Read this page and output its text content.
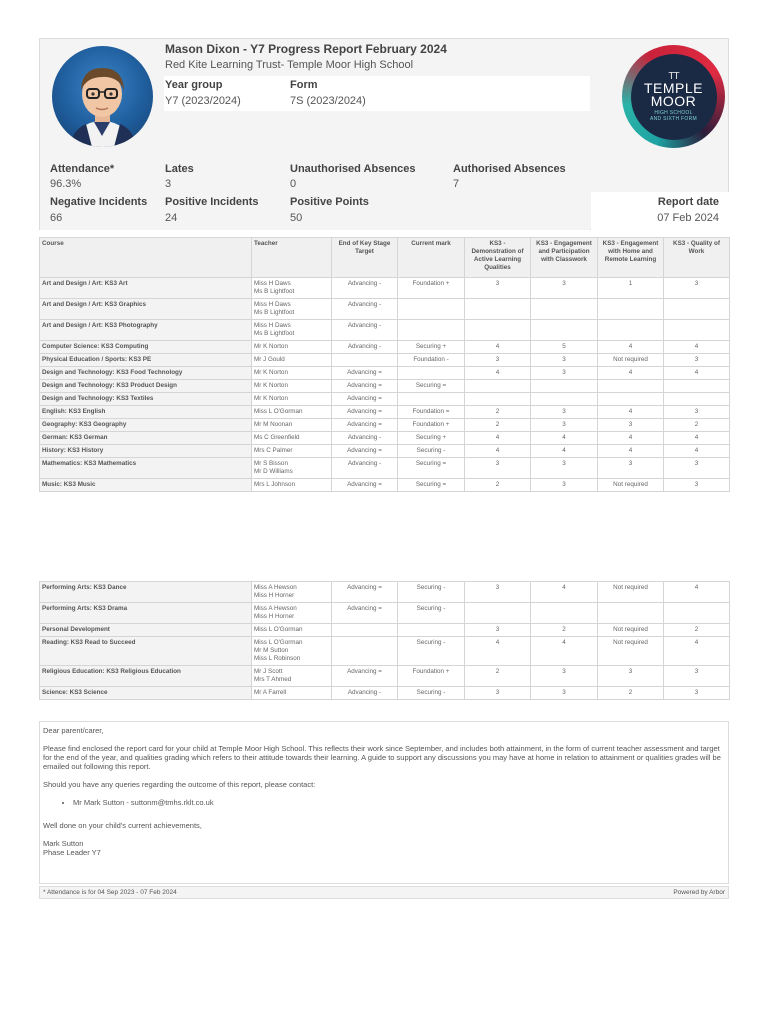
Mason Dixon - Y7 Progress Report February 2024
Red Kite Learning Trust- Temple Moor High School
Year group
Y7 (2023/2024)
Form
7S (2023/2024)
TT
TEMPLE
MOOR
HIGH SCHOOL
AND SIXTH FORM
Attendance*
96.3%
Lates
3
Unauthorised Absences
0
Authorised Absences
7
Negative Incidents
66
Positive Incidents
24
Positive Points
50
Report date
07 Feb 2024
Course	Teacher	End of Key Stage Target	Current mark	KS3 - Demonstration of Active Learning Qualities	KS3 - Engagement and Participation with Classwork	KS3 - Engagement with Home and Remote Learning	KS3 - Quality of Work
Art and Design / Art: KS3 Art	Miss H Daws
Ms B Lightfoot	Advancing -	Foundation +	3	3	1	3
Art and Design / Art: KS3 Graphics	Miss H Daws
Ms B Lightfoot	Advancing -					
Art and Design / Art: KS3 Photography	Miss H Daws
Ms B Lightfoot	Advancing -					
Computer Science: KS3 Computing	Mr K Norton	Advancing -	Securing +	4	5	4	4
Physical Education / Sports: KS3 PE	Mr J Gould		Foundation -	3	3	Not required	3
Design and Technology: KS3 Food Technology	Mr K Norton	Advancing =		4	3	4	4
Design and Technology: KS3 Product Design	Mr K Norton	Advancing =	Securing =				
Design and Technology: KS3 Textiles	Mr K Norton	Advancing =					
English: KS3 English	Miss L O'Gorman	Advancing =	Foundation =	2	3	4	3
Geography: KS3 Geography	Mr M Noonan	Advancing =	Foundation +	2	3	3	2
German: KS3 German	Ms C Greenfield	Advancing -	Securing +	4	4	4	4
History: KS3 History	Mrs C Palmer	Advancing =	Securing -	4	4	4	4
Mathematics: KS3 Mathematics	Mr S Bisson
Mr D Williams	Advancing -	Securing =	3	3	3	3
Music: KS3 Music	Mrs L Johnson	Advancing =	Securing =	2	3	Not required	3
Performing Arts: KS3 Dance	Miss A Hewson
Miss H Horner	Advancing =	Securing -	3	4	Not required	4
Performing Arts: KS3 Drama	Miss A Hewson
Miss H Horner	Advancing =	Securing -				
Personal Development	Miss L O'Gorman			3	2	Not required	2
Reading: KS3 Read to Succeed	Miss L O'Gorman
Mr M Sutton
Miss L Robinson		Securing -	4	4	Not required	4
Religious Education: KS3 Religious Education	Mr J Scott
Mrs T Ahmed	Advancing =	Foundation +	2	3	3	3
Science: KS3 Science	Mr A Farrell	Advancing -	Securing -	3	3	2	3

Dear parent/carer,

Please find enclosed the report card for your child at Temple Moor High School. This reflects their work since September, and includes both attainment, in the form of current teacher assessment and target for the end of the year, and qualities grading which refers to their attitude towards their learning. A guide to support any discussions you may have at home in relation to attainment or qualities grades will be emailed out following this report.

Should you have any queries regarding the outcome of this report, please contact:

• Mr Mark Sutton - suttonm@tmhs.rklt.co.uk

Well done on your child's current achievements,

Mark Sutton
Phase Leader Y7
* Attendance is for 04 Sep 2023 - 07 Feb 2024	Powered by Arbor
